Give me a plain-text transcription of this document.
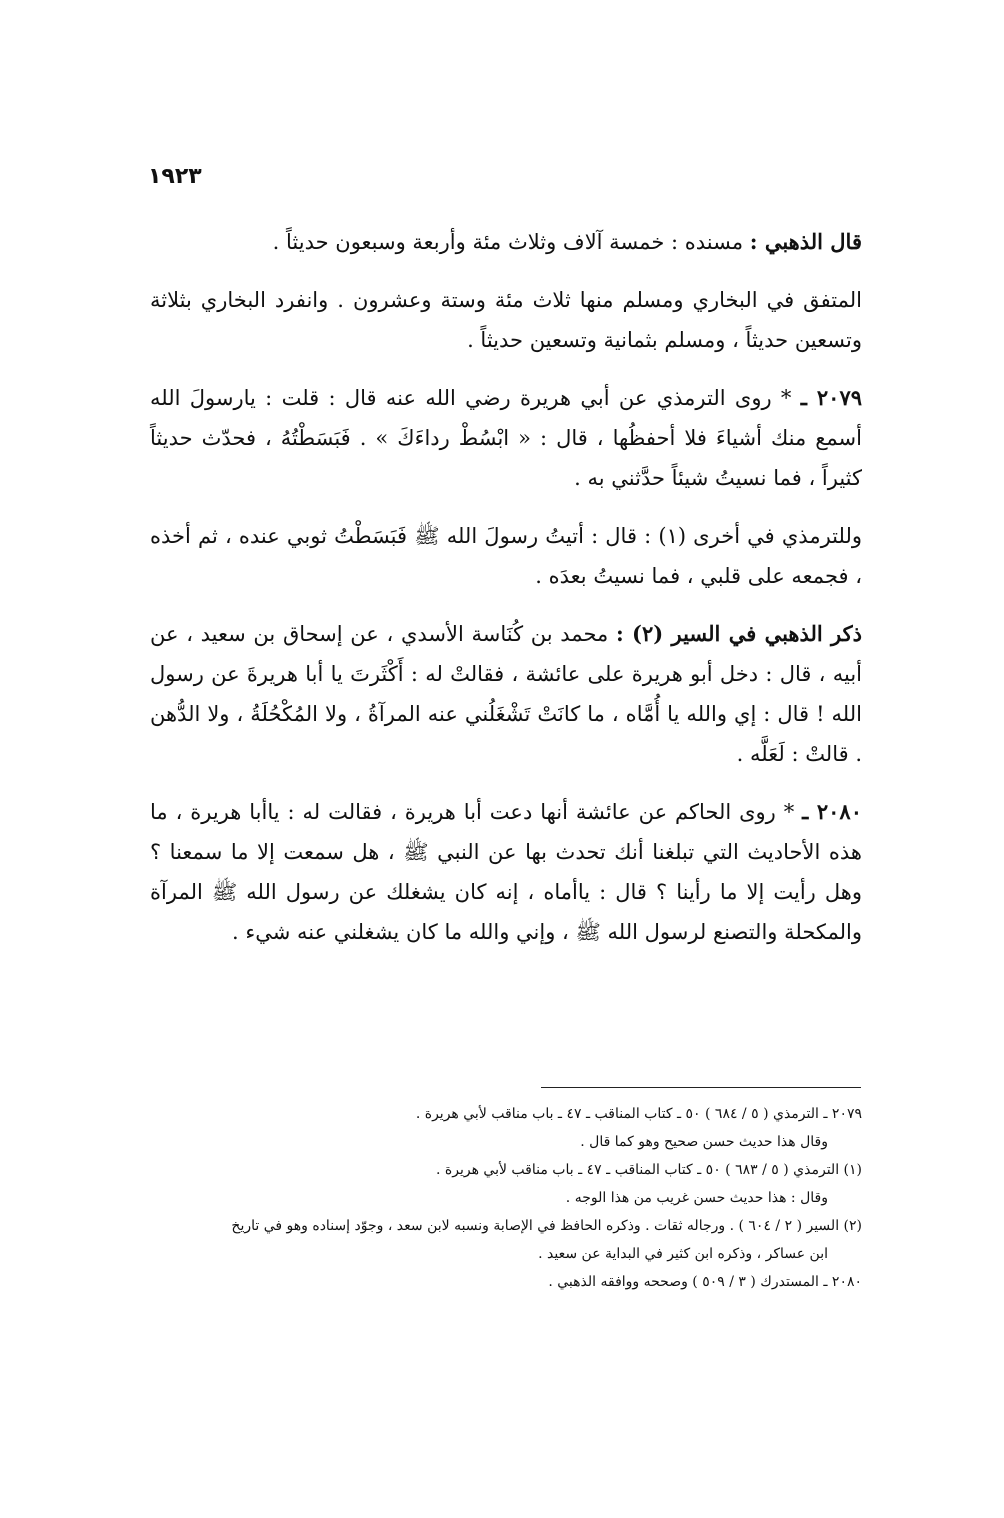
١٩٢٣

قال الذهبي : مسنده : خمسة آلاف وثلاث مئة وأربعة وسبعون حديثاً .

المتفق في البخاري ومسلم منها ثلاث مئة وستة وعشرون . وانفرد البخاري بثلاثة وتسعين حديثاً ، ومسلم بثمانية وتسعين حديثاً .

٢٠٧٩ ـ * روى الترمذي عن أبي هريرة رضي الله عنه قال : قلت : يارسولَ الله أسمع منك أشياءَ فلا أحفظُها ، قال : « ابْسُطْ رداءَكَ » . فَبَسَطْتُهُ ، فحدّث حديثاً كثيراً ، فما نسيتُ شيئاً حدَّثني به .

وللترمذي في أخرى (١) : قال : أتيتُ رسولَ الله ﷺ فَبَسَطْتُ ثوبي عنده ، ثم أخذه ، فجمعه على قلبي ، فما نسيتُ بعدَه .

ذكر الذهبي في السير (٢) : محمد بن كُنَاسة الأسدي ، عن إسحاق بن سعيد ، عن أبيه ، قال : دخل أبو هريرة على عائشة ، فقالتْ له : أَكْثَرتَ يا أبا هريرةَ عن رسول الله ! قال : إي والله يا أُمَّاه ، ما كانَتْ تَشْغَلُني عنه المرآةُ ، ولا المُكْحُلَةُ ، ولا الدُّهن . قالتْ : لَعَلَّه .

٢٠٨٠ ـ * روى الحاكم عن عائشة أنها دعت أبا هريرة ، فقالت له : ياأبا هريرة ، ما هذه الأحاديث التي تبلغنا أنك تحدث بها عن النبي ﷺ ، هل سمعت إلا ما سمعنا ؟ وهل رأيت إلا ما رأينا ؟ قال : ياأماه ، إنه كان يشغلك عن رسول الله ﷺ المرآة والمكحلة والتصنع لرسول الله ﷺ ، وإني والله ما كان يشغلني عنه شيء .

٢٠٧٩ ـ الترمذي ( ٥ / ٦٨٤ ) ٥٠ ـ كتاب المناقب ـ ٤٧ ـ باب مناقب لأبي هريرة .

وقال هذا حديث حسن صحيح وهو كما قال .

(١) الترمذي ( ٥ / ٦٨٣ ) ٥٠ ـ كتاب المناقب ـ ٤٧ ـ باب مناقب لأبي هريرة .

وقال : هذا حديث حسن غريب من هذا الوجه .

(٢) السير ( ٢ / ٦٠٤ ) . ورجاله ثقات . وذكره الحافظ في الإصابة ونسبه لابن سعد ، وجوّد إسناده وهو في تاريخ

ابن عساكر ، وذكره ابن كثير في البداية عن سعيد .

٢٠٨٠ ـ المستدرك ( ٣ / ٥٠٩ ) وصححه ووافقه الذهبي .
